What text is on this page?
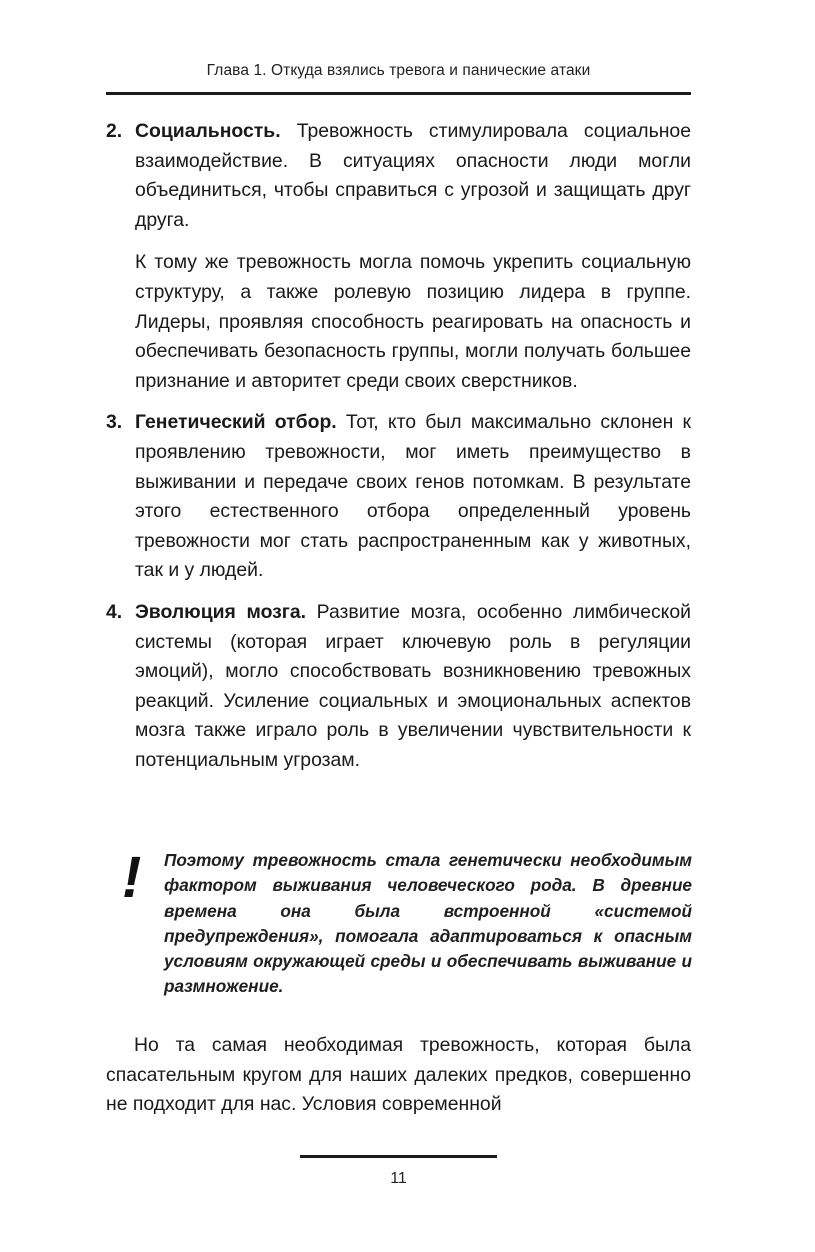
Глава 1. Откуда взялись тревога и панические атаки
2. Социальность. Тревожность стимулировала социальное взаимодействие. В ситуациях опасности люди могли объединиться, чтобы справиться с угрозой и защищать друг друга.

К тому же тревожность могла помочь укрепить социальную структуру, а также ролевую позицию лидера в группе. Лидеры, проявляя способность реагировать на опасность и обеспечивать безопасность группы, могли получать большее признание и авторитет среди своих сверстников.

3. Генетический отбор. Тот, кто был максимально склонен к проявлению тревожности, мог иметь преимущество в выживании и передаче своих генов потомкам. В результате этого естественного отбора определенный уровень тревожности мог стать распространенным как у животных, так и у людей.

4. Эволюция мозга. Развитие мозга, особенно лимбической системы (которая играет ключевую роль в регуляции эмоций), могло способствовать возникновению тревожных реакций. Усиление социальных и эмоциональных аспектов мозга также играло роль в увеличении чувствительности к потенциальным угрозам.

!	Поэтому тревожность стала генетически необходимым фактором выживания человеческого рода. В древние времена она была встроенной «системой предупреждения», помогала адаптироваться к опасным условиям окружающей среды и обеспечивать выживание и размножение.

Но та самая необходимая тревожность, которая была спасательным кругом для наших далеких предков, совершенно не подходит для нас. Условия современной

11
